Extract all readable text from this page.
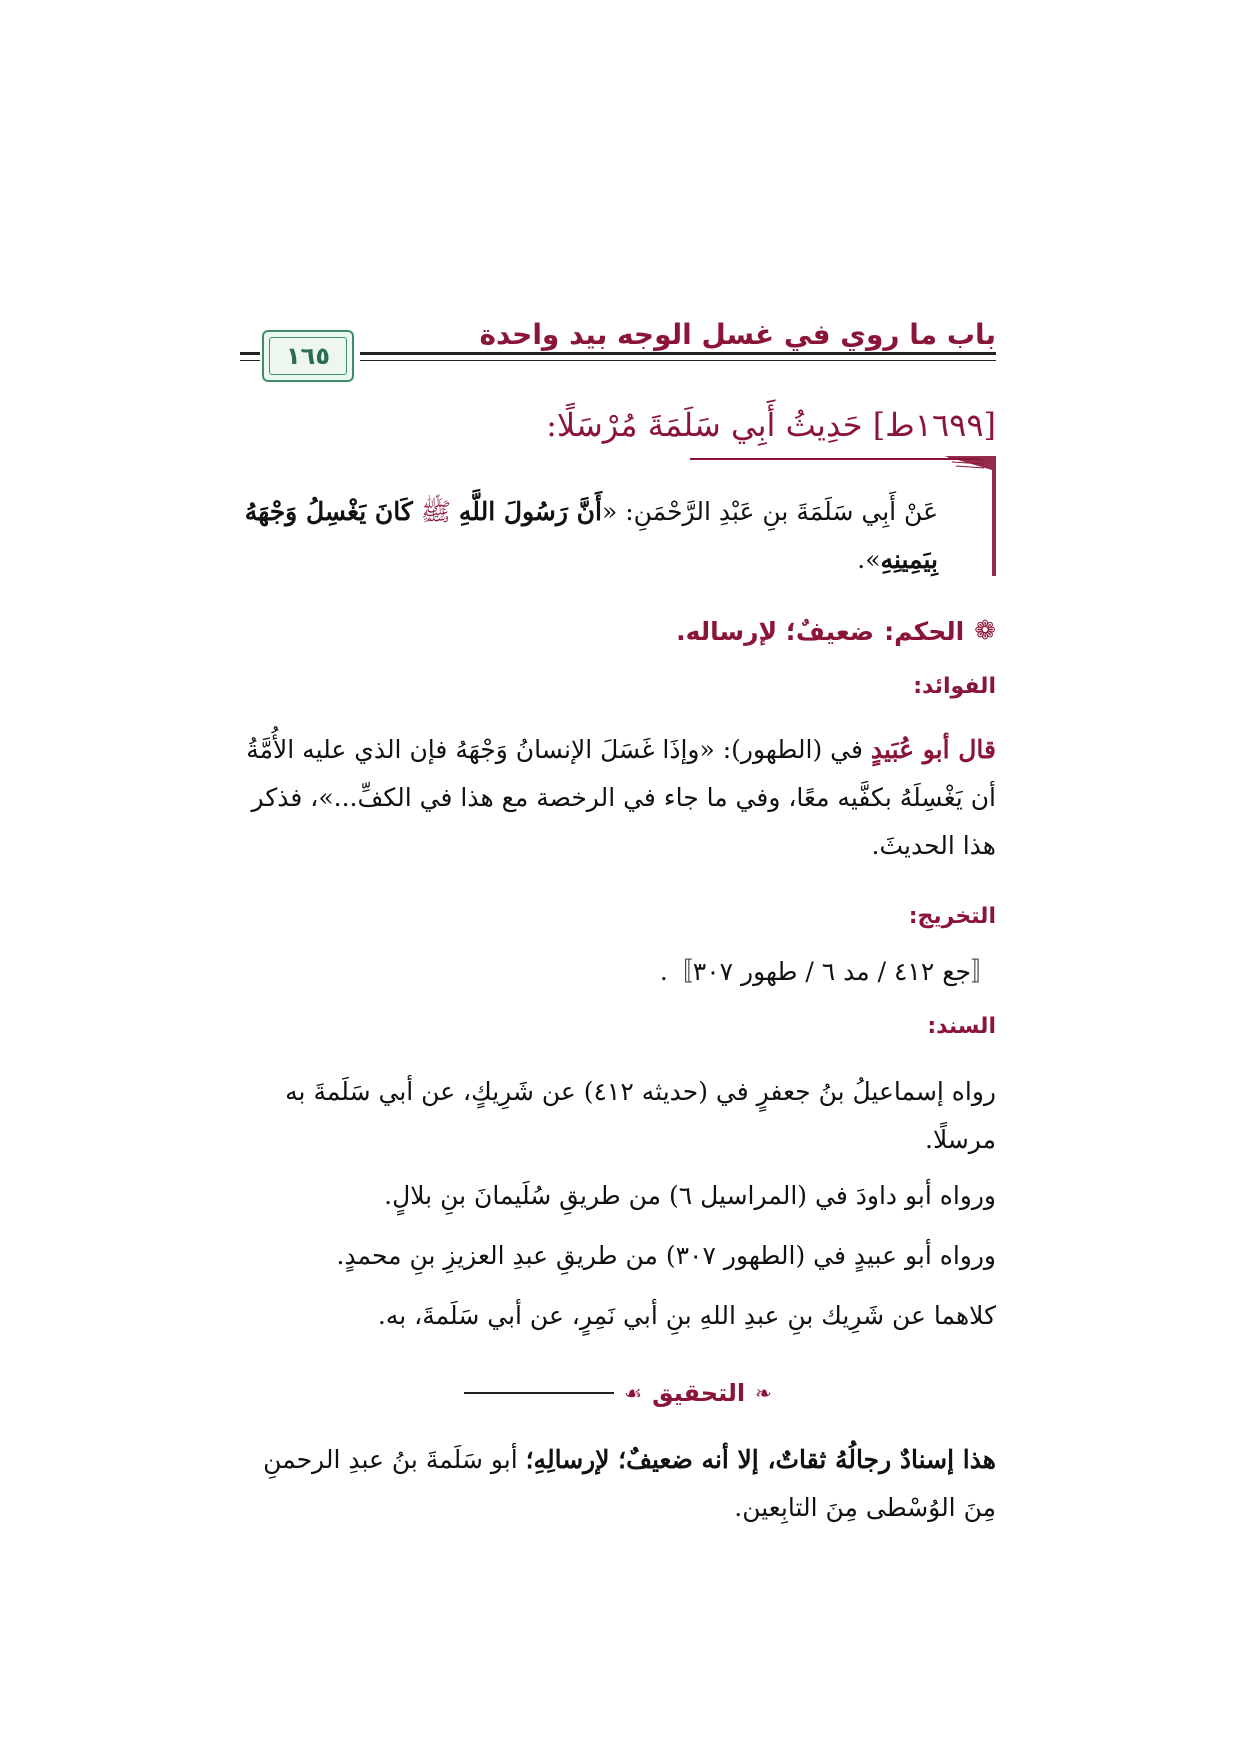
باب ما روي في غسل الوجه بيد واحدة
١٦٥
[١٦٩٩ط] حَدِيثُ أَبِي سَلَمَةَ مُرْسَلًا:
عَنْ أَبِي سَلَمَةَ بنِ عَبْدِ الرَّحْمَنِ: «أَنَّ رَسُولَ اللَّهِ ﷺ كَانَ يَغْسِلُ وَجْهَهُ بِيَمِينِهِ».
❁
الحكم:
ضعيفٌ؛ لإرساله.
الفوائد:
قال أبو عُبَيدٍ في (الطهور): «وإذَا غَسَلَ الإنسانُ وَجْهَهُ فإن الذي عليه الأُمَّةُ أن يَغْسِلَهُ بكفَّيه معًا، وفي ما جاء في الرخصة مع هذا في الكفِّ...»، فذكر هذا الحديثَ.
التخريج:
〚جع ٤١٢ / مد ٦ / طهور ٣٠٧〛.
السند:
رواه إسماعيلُ بنُ جعفرٍ في (حديثه ٤١٢) عن شَرِيكٍ، عن أبي سَلَمةَ به مرسلًا.
ورواه أبو داودَ في (المراسيل ٦) من طريقِ سُلَيمانَ بنِ بلالٍ.
ورواه أبو عبيدٍ في (الطهور ٣٠٧) من طريقِ عبدِ العزيزِ بنِ محمدٍ.
كلاهما عن شَرِيك بنِ عبدِ اللهِ بنِ أبي نَمِرٍ، عن أبي سَلَمةَ، به.
❧
التحقيق
☙
هذا إسنادٌ رجالُهُ ثقاتٌ، إلا أنه ضعيفٌ؛ لإرسالِهِ؛ أبو سَلَمةَ بنُ عبدِ الرحمنِ مِنَ الوُسْطى مِنَ التابِعين.
